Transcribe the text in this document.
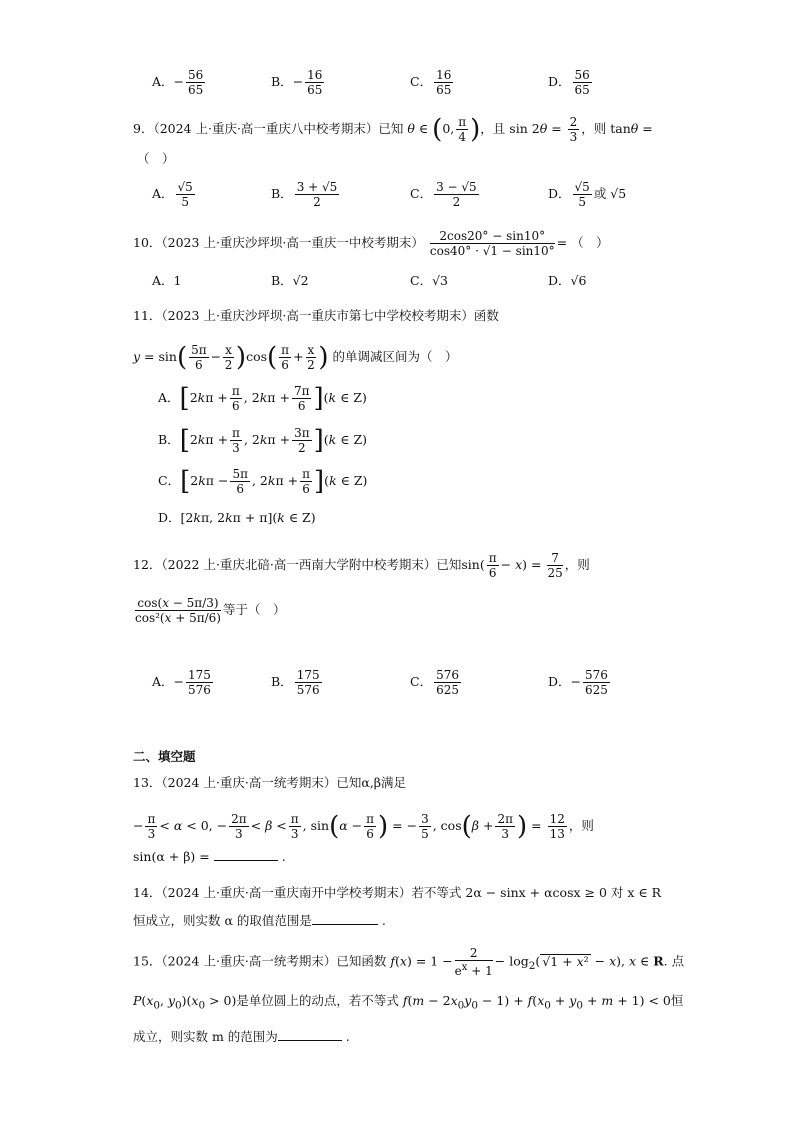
A．− $\frac{56}{65}$	B．− $\frac{16}{65}$	C． $\frac{16}{65}$	D． $\frac{56}{65}$
9．（2024 上·重庆·高一重庆八中校考期末）已知 θ ∈ (0, $\frac{\pi}{4}$ )，且 $\sin 2\theta = \frac{2}{3}$ ，则 tanθ =
（　）
A． $\frac{√5}{5}$	B． $\frac{3 + √5}{2}$	C． $\frac{3 - √5}{2}$	D． $\frac{√5}{5}$ 或 √5
10．（2023 上·重庆沙坪坝·高一重庆一中校考期末） $\frac{2\cos 20^\circ - \sin 10^\circ}{\cos 40^\circ \cdot √1 - \sin 10^\circ}$ = （　）
A．1	B．√2	C．√3	D．√6
11．（2023 上·重庆沙坪坝·高一重庆市第七中学校校考期末）函数
$y = \sin( \frac{5\pi}{6} - \frac{x}{2} )\cos( \frac{\pi}{6} + \frac{x}{2}$ ) 的单调减区间为（　）
A．[$2k\pi + \frac{\pi}{6}$ , $2k\pi + \frac{7\pi}{6} ](k$ ∈ Z)
B．[$2k\pi + \frac{\pi}{3}$ , $2k\pi + \frac{3\pi}{2} ](k$ ∈ Z)
C．[$2k\pi - \frac{5\pi}{6}$ , $2k\pi + \frac{\pi}{6} ](k$ ∈ Z)
D．[2kπ, 2kπ + π](k ∈ Z)
12．（2022 上·重庆北碚·高一西南大学附中校考期末）已知$\sin( \frac{\pi}{6} - x) = \frac{7}{25}$ ，则
$\frac{\cos(x - 5\pi/3)}{\text{cos²(x + 5π/6)}}$ 等于（　）
A．− $\frac{175}{576}$	B． $\frac{175}{576}$	C． $\frac{576}{625}$	D．− $\frac{576}{625}$
二、填空题
13．（2024 上·重庆·高一统考期末）已知α,β满足
− $\frac{\pi}{3} < \alpha < 0$, − $\frac{2\pi}{3} < \beta < \frac{\pi}{3}$ , $\sin(\alpha - \frac{\pi}{6}$ ) = − $\frac{3}{5}$ , $\cos(\beta + \frac{2\pi}{3}$ ) = $\frac{12}{13}$ ，则
sin(α + β) =	.
14．（2024 上·重庆·高一重庆南开中学校考期末）若不等式 2α − sinx + αcosx ≥ 0 对 x ∈ R
恒成立，则实数 α 的取值范围是	.
15．（2024 上·重庆·高一统考期末）已知函数 $f(x) = 1 - \frac{2}{e^x + 1} - \log_2$( √1 + x² − x), x ∈ R. 点
$P(x_0$, $y_0)(x_0 > 0)$是单位圆上的动点，若不等式 $f(m - 2x_0y_0 - 1) + f(x_0 + y_0 + m + 1) < 0$恒
成立，则实数 m 的范围为	.
